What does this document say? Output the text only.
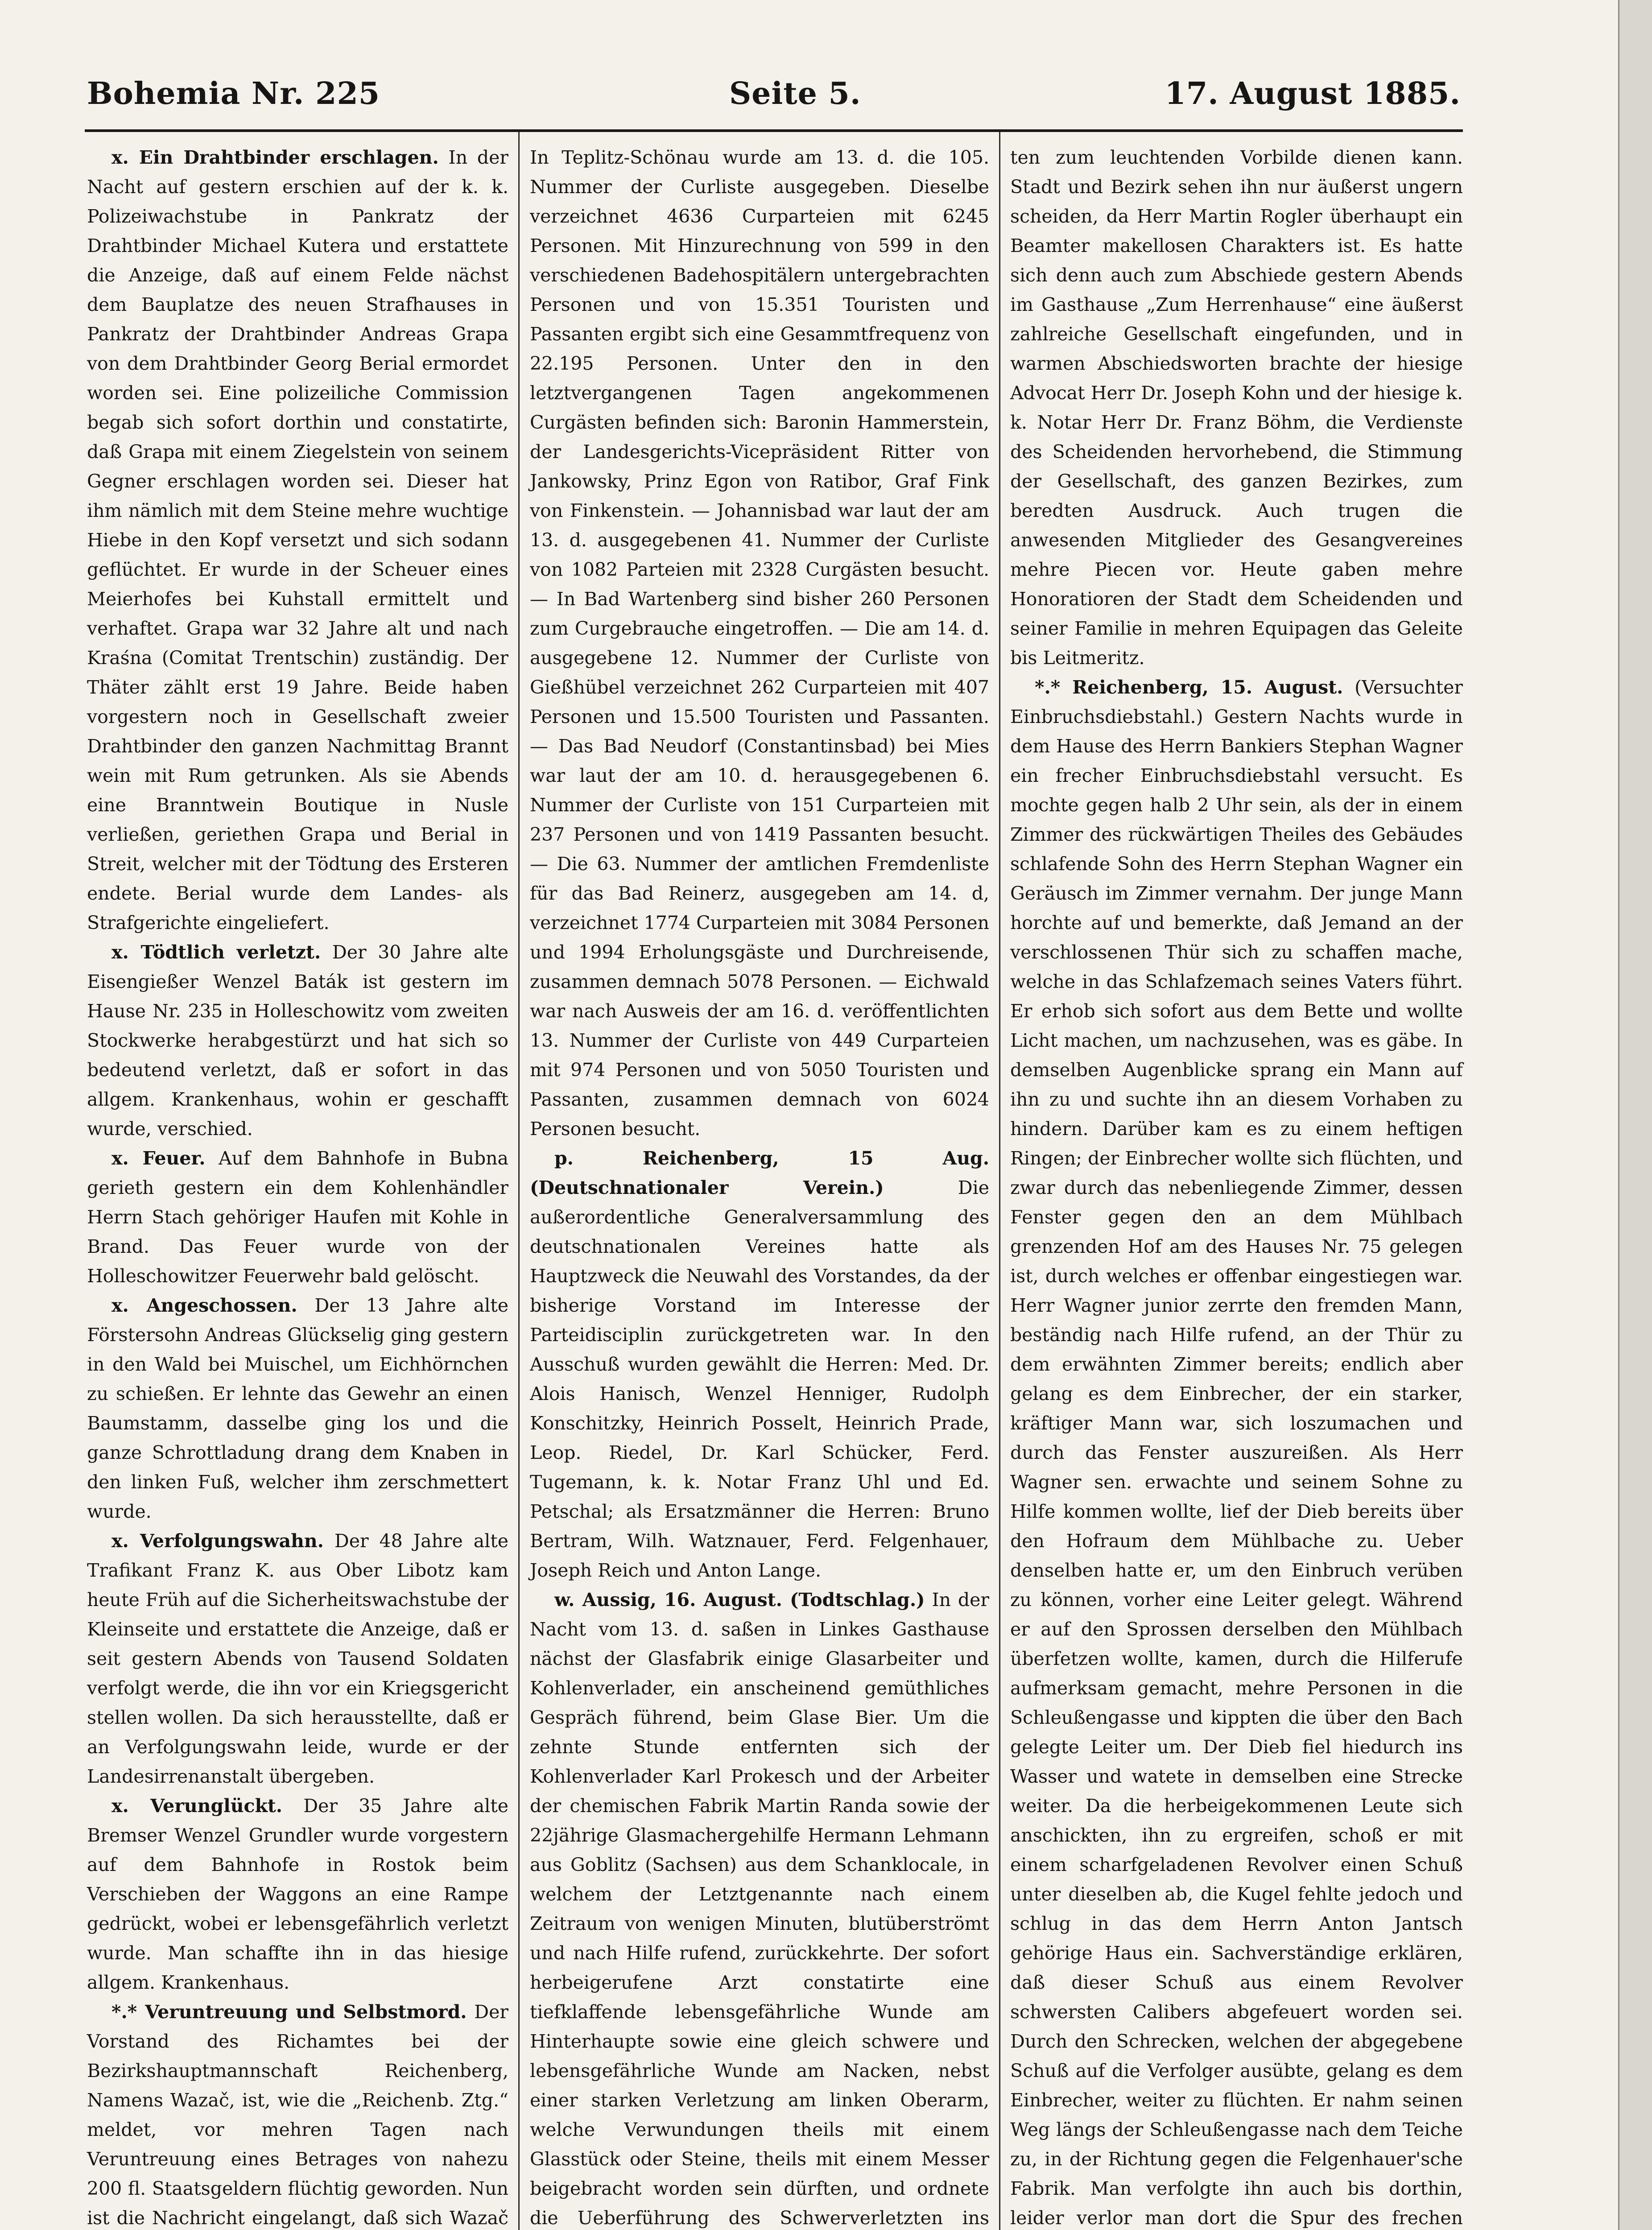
Bohemia Nr. 225	Seite 5.	17. August 1885.

x. Ein Drahtbinder erschlagen. In der Nacht auf gestern erschien auf der k. k. Polizeiwachstube in Pankratz der Drahtbinder Michael Kutera und erstattete die Anzeige, daß auf einem Felde nächst dem Bauplatze des neuen Strafhauses in Pankratz der Drahtbinder Andreas Grapa von dem Drahtbinder Georg Berial ermordet worden sei. Eine polizeiliche Commission begab sich sofort dorthin und constatirte, daß Grapa mit einem Ziegelstein von seinem Gegner erschlagen worden sei. Dieser hat ihm nämlich mit dem Steine mehre wuchtige Hiebe in den Kopf versetzt und sich sodann geflüchtet. Er wurde in der Scheuer eines Meierhofes bei Kuhstall ermittelt und verhaftet. Grapa war 32 Jahre alt und nach Kraśna (Comitat Trentschin) zuständig. Der Thäter zählt erst 19 Jahre. Beide haben vorgestern noch in Gesellschaft zweier Drahtbinder den ganzen Nachmittag Brannt wein mit Rum getrunken. Als sie Abends eine Branntwein Boutique in Nusle verließen, geriethen Grapa und Berial in Streit, welcher mit der Tödtung des Ersteren endete. Berial wurde dem Landes- als Strafgerichte eingeliefert.

x. Tödtlich verletzt. Der 30 Jahre alte Eisengießer Wenzel Baták ist gestern im Hause Nr. 235 in Holleschowitz vom zweiten Stockwerke herabgestürzt und hat sich so bedeutend verletzt, daß er sofort in das allgem. Krankenhaus, wohin er geschafft wurde, verschied.

x. Feuer. Auf dem Bahnhofe in Bubna gerieth gestern ein dem Kohlenhändler Herrn Stach gehöriger Haufen mit Kohle in Brand. Das Feuer wurde von der Holleschowitzer Feuerwehr bald gelöscht.

x. Angeschossen. Der 13 Jahre alte Förstersohn Andreas Glückselig ging gestern in den Wald bei Muischel, um Eichhörnchen zu schießen. Er lehnte das Gewehr an einen Baumstamm, dasselbe ging los und die ganze Schrottladung drang dem Knaben in den linken Fuß, welcher ihm zerschmettert wurde.

x. Verfolgungswahn. Der 48 Jahre alte Trafikant Franz K. aus Ober Libotz kam heute Früh auf die Sicherheitswachstube der Kleinseite und erstattete die Anzeige, daß er seit gestern Abends von Tausend Soldaten verfolgt werde, die ihn vor ein Kriegsgericht stellen wollen. Da sich herausstellte, daß er an Verfolgungswahn leide, wurde er der Landesirrenanstalt übergeben.

x. Verunglückt. Der 35 Jahre alte Bremser Wenzel Grundler wurde vorgestern auf dem Bahnhofe in Rostok beim Verschieben der Waggons an eine Rampe gedrückt, wobei er lebensgefährlich verletzt wurde. Man schaffte ihn in das hiesige allgem. Krankenhaus.

*.* Veruntreuung und Selbstmord. Der Vorstand des Richamtes bei der Bezirkshauptmannschaft Reichenberg, Namens Wazač, ist, wie die „Reichenb. Ztg.“ meldet, vor mehren Tagen nach Veruntreuung eines Betrages von nahezu 200 fl. Staatsgeldern flüchtig geworden. Nun ist die Nachricht eingelangt, daß sich Wazač

In Teplitz-Schönau wurde am 13. d. die 105. Nummer der Curliste ausgegeben. Dieselbe verzeichnet 4636 Curparteien mit 6245 Personen. Mit Hinzurechnung von 599 in den verschiedenen Badehospitälern untergebrachten Personen und von 15.351 Touristen und Passanten ergibt sich eine Gesammtfrequenz von 22.195 Personen. Unter den in den letztvergangenen Tagen angekommenen Curgästen befinden sich: Baronin Hammerstein, der Landesgerichts-Vicepräsident Ritter von Jankowsky, Prinz Egon von Ratibor, Graf Fink von Finkenstein. — Johannisbad war laut der am 13. d. ausgegebenen 41. Nummer der Curliste von 1082 Parteien mit 2328 Curgästen besucht. — In Bad Wartenberg sind bisher 260 Personen zum Curgebrauche eingetroffen. — Die am 14. d. ausgegebene 12. Nummer der Curliste von Gießhübel verzeichnet 262 Curparteien mit 407 Personen und 15.500 Touristen und Passanten. — Das Bad Neudorf (Constantinsbad) bei Mies war laut der am 10. d. herausgegebenen 6. Nummer der Curliste von 151 Curparteien mit 237 Personen und von 1419 Passanten besucht. — Die 63. Nummer der amtlichen Fremdenliste für das Bad Reinerz, ausgegeben am 14. d, verzeichnet 1774 Curparteien mit 3084 Personen und 1994 Erholungsgäste und Durchreisende, zusammen demnach 5078 Personen. — Eichwald war nach Ausweis der am 16. d. veröffentlichten 13. Nummer der Curliste von 449 Curparteien mit 974 Personen und von 5050 Touristen und Passanten, zusammen demnach von 6024 Personen besucht.

p. Reichenberg, 15 Aug. (Deutschnationaler Verein.)	Die außerordentliche Generalversammlung des deutschnationalen Vereines hatte als Hauptzweck die Neuwahl des Vorstandes, da der bisherige Vorstand im Interesse der Parteidisciplin zurückgetreten war. In den Ausschuß wurden gewählt die Herren: Med. Dr. Alois Hanisch, Wenzel Henniger, Rudolph Konschitzky, Heinrich Posselt, Heinrich Prade, Leop. Riedel, Dr. Karl Schücker, Ferd. Tugemann, k. k. Notar Franz Uhl und Ed. Petschal; als Ersatzmänner die Herren: Bruno Bertram, Wilh. Watznauer, Ferd. Felgenhauer, Joseph Reich und Anton Lange.

w. Aussig, 16. August. (Todtschlag.) In der Nacht vom 13. d. saßen in Linkes Gasthause nächst der Glasfabrik einige Glasarbeiter und Kohlenverlader, ein anscheinend gemüthliches Gespräch führend, beim Glase Bier. Um die zehnte Stunde entfernten sich der Kohlenverlader Karl Prokesch und der Arbeiter der chemischen Fabrik Martin Randa sowie der 22jährige Glasmachergehilfe Hermann Lehmann aus Goblitz (Sachsen) aus dem Schanklocale, in welchem der Letztgenannte nach einem Zeitraum von wenigen Minuten, blutüberströmt und nach Hilfe rufend, zurückkehrte. Der sofort herbeigerufene Arzt constatirte eine tiefklaffende lebensgefährliche Wunde am Hinterhaupte sowie eine gleich schwere und lebensgefährliche Wunde am Nacken, nebst einer starken Verletzung am linken Oberarm, welche Verwundungen theils mit einem Glasstück oder Steine, theils mit einem Messer beigebracht worden sein dürften, und ordnete die Ueberführung des Schwerverletzten ins

ten zum leuchtenden Vorbilde dienen kann. Stadt und Bezirk sehen ihn nur äußerst ungern scheiden, da Herr Martin Rogler überhaupt ein Beamter makellosen Charakters ist. Es hatte sich denn auch zum Abschiede gestern Abends im Gasthause „Zum Herrenhause“ eine äußerst zahlreiche Gesellschaft eingefunden, und in warmen Abschiedsworten brachte der hiesige Advocat Herr Dr. Joseph Kohn und der hiesige k. k. Notar Herr Dr. Franz Böhm, die Verdienste des Scheidenden hervorhebend, die Stimmung der Gesellschaft, des ganzen Bezirkes, zum beredten Ausdruck. Auch trugen die anwesenden Mitglieder des Gesangvereines mehre Piecen vor. Heute gaben mehre Honoratioren der Stadt dem Scheidenden und seiner Familie in mehren Equipagen das Geleite bis Leitmeritz.

*.* Reichenberg, 15. August. (Versuchter Einbruchsdiebstahl.) Gestern Nachts wurde in dem Hause des Herrn Bankiers Stephan Wagner ein frecher Einbruchsdiebstahl versucht. Es mochte gegen halb 2 Uhr sein, als der in einem Zimmer des rückwärtigen Theiles des Gebäudes schlafende Sohn des Herrn Stephan Wagner ein Geräusch im Zimmer vernahm. Der junge Mann horchte auf und bemerkte, daß Jemand an der verschlossenen Thür sich zu schaffen mache, welche in das Schlafzemach seines Vaters führt. Er erhob sich sofort aus dem Bette und wollte Licht machen, um nachzusehen, was es gäbe. In demselben Augenblicke sprang ein Mann auf ihn zu und suchte ihn an diesem Vorhaben zu hindern. Darüber kam es zu einem heftigen Ringen; der Einbrecher wollte sich flüchten, und zwar durch das nebenliegende Zimmer, dessen Fenster gegen den an dem Mühlbach grenzenden Hof am des Hauses Nr. 75 gelegen ist, durch welches er offenbar eingestiegen war. Herr Wagner junior zerrte den fremden Mann, beständig nach Hilfe rufend, an der Thür zu dem erwähnten Zimmer bereits; endlich aber gelang es dem Einbrecher, der ein starker, kräftiger Mann war, sich loszumachen und durch das Fenster auszureißen. Als Herr Wagner sen. erwachte und seinem Sohne zu Hilfe kommen wollte, lief der Dieb bereits über den Hofraum dem Mühlbache zu. Ueber denselben hatte er, um den Einbruch verüben zu können, vorher eine Leiter gelegt. Während er auf den Sprossen derselben den Mühlbach überfetzen wollte, kamen, durch die Hilferufe aufmerksam gemacht, mehre Personen in die Schleußengasse und kippten die über den Bach gelegte Leiter um. Der Dieb fiel hiedurch ins Wasser und watete in demselben eine Strecke weiter. Da die herbeigekommenen Leute sich anschickten, ihn zu ergreifen, schoß er mit einem scharfgeladenen Revolver einen Schuß unter dieselben ab, die Kugel fehlte jedoch und schlug in das dem Herrn Anton Jantsch gehörige Haus ein. Sachverständige erklären, daß dieser Schuß aus einem Revolver schwersten Calibers abgefeuert worden sei. Durch den Schrecken, welchen der abgegebene Schuß auf die Verfolger ausübte, gelang es dem Einbrecher, weiter zu flüchten. Er nahm seinen Weg längs der Schleußengasse nach dem Teiche zu, in der Richtung gegen die Felgenhauer'sche Fabrik. Man verfolgte ihn auch bis dorthin, leider verlor man dort die Spur des frechen
